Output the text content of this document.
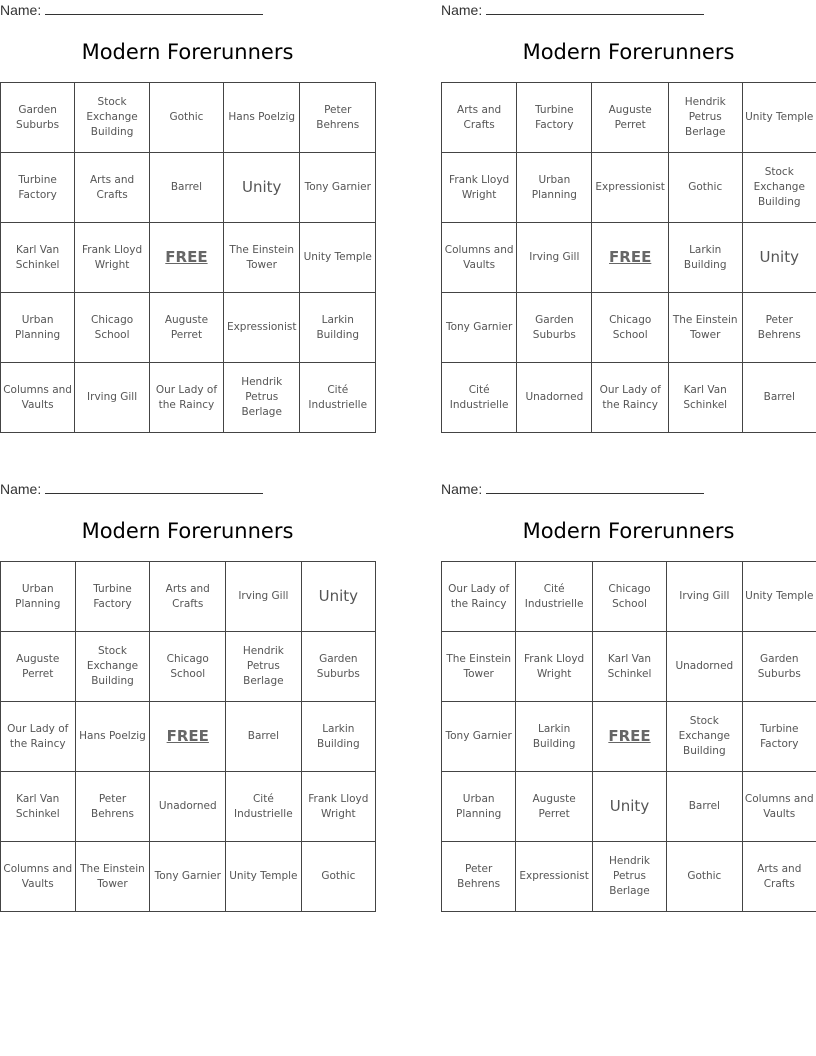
Name:
Modern Forerunners
Garden Suburbs	Stock Exchange Building	Gothic	Hans Poelzig	Peter Behrens
Turbine Factory	Arts and Crafts	Barrel	Unity	Tony Garnier
Karl Van Schinkel	Frank Lloyd Wright	FREE	The Einstein Tower	Unity Temple
Urban Planning	Chicago School	Auguste Perret	Expressionist	Larkin Building
Columns and Vaults	Irving Gill	Our Lady of the Raincy	Hendrik Petrus Berlage	Cité Industrielle
Name:
Modern Forerunners
Arts and Crafts	Turbine Factory	Auguste Perret	Hendrik Petrus Berlage	Unity Temple
Frank Lloyd Wright	Urban Planning	Expressionist	Gothic	Stock Exchange Building
Columns and Vaults	Irving Gill	FREE	Larkin Building	Unity
Tony Garnier	Garden Suburbs	Chicago School	The Einstein Tower	Peter Behrens
Cité Industrielle	Unadorned	Our Lady of the Raincy	Karl Van Schinkel	Barrel
Name:
Modern Forerunners
Urban Planning	Turbine Factory	Arts and Crafts	Irving Gill	Unity
Auguste Perret	Stock Exchange Building	Chicago School	Hendrik Petrus Berlage	Garden Suburbs
Our Lady of the Raincy	Hans Poelzig	FREE	Barrel	Larkin Building
Karl Van Schinkel	Peter Behrens	Unadorned	Cité Industrielle	Frank Lloyd Wright
Columns and Vaults	The Einstein Tower	Tony Garnier	Unity Temple	Gothic
Name:
Modern Forerunners
Our Lady of the Raincy	Cité Industrielle	Chicago School	Irving Gill	Unity Temple
The Einstein Tower	Frank Lloyd Wright	Karl Van Schinkel	Unadorned	Garden Suburbs
Tony Garnier	Larkin Building	FREE	Stock Exchange Building	Turbine Factory
Urban Planning	Auguste Perret	Unity	Barrel	Columns and Vaults
Peter Behrens	Expressionist	Hendrik Petrus Berlage	Gothic	Arts and Crafts
